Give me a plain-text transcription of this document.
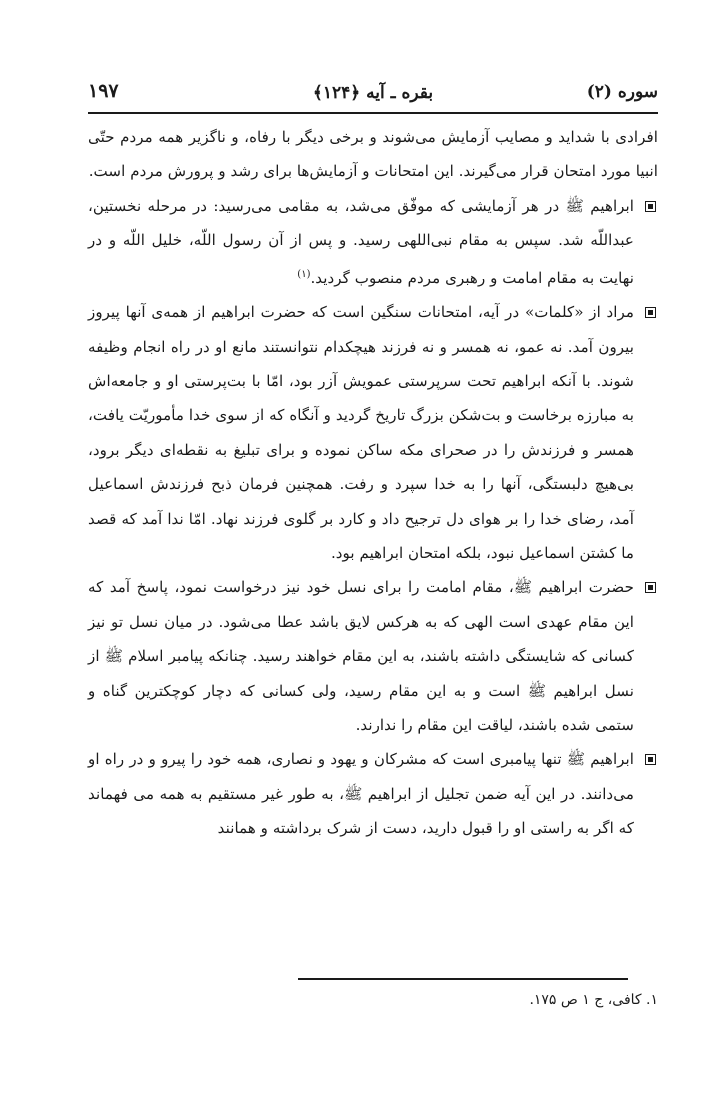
سوره (۲)
بقره ـ آیه ﴿۱۲۴﴾
۱۹۷

افرادی با شداید و مصایب آزمایش می‌شوند و برخی دیگر با رفاه، و ناگزیر همه مردم حتّی انبیا مورد امتحان قرار می‌گیرند. این امتحانات و آزمایش‌ها برای رشد و پرورش مردم است.

ابراهیم ﷺ در هر آزمایشی که موفّق می‌شد، به مقامی می‌رسید: در مرحله نخستین، عبداللّه شد. سپس به مقام نبی‌اللهی رسید. و پس از آن رسول اللّه، خلیل اللّه و در نهایت به مقام امامت و رهبری مردم منصوب گردید.$^{(۱)}$

مراد از «کلمات» در آیه، امتحانات سنگین است که حضرت ابراهیم از همه‌ی آنها پیروز بیرون آمد. نه عمو، نه همسر و نه فرزند هیچکدام نتوانستند مانع او در راه انجام وظیفه شوند. با آنکه ابراهیم تحت سرپرستی عمویش آزر بود، امّا با بت‌پرستی او و جامعه‌اش به مبارزه برخاست و بت‌شکن بزرگ تاریخ گردید و آنگاه که از سوی خدا مأموریّت یافت، همسر و فرزندش را در صحرای مکه ساکن نموده و برای تبلیغ به نقطه‌ای دیگر برود، بی‌هیچ دلبستگی، آنها را به خدا سپرد و رفت. همچنین فرمان ذبح فرزندش اسماعیل آمد، رضای خدا را بر هوای دل ترجیح داد و کارد بر گلوی فرزند نهاد. امّا ندا آمد که قصد ما کشتن اسماعیل نبود، بلکه امتحان ابراهیم بود.

حضرت ابراهیم ﷺ، مقام امامت را برای نسل خود نیز درخواست نمود، پاسخ آمد که این مقام عهدی است الهی که به هرکس لایق باشد عطا می‌شود. در میان نسل تو نیز کسانی که شایستگی داشته باشند، به این مقام خواهند رسید. چنانکه پیامبر اسلام ﷺ از نسل ابراهیم ﷺ است و به این مقام رسید، ولی کسانی که دچار کوچکترین گناه و ستمی شده باشند، لیاقت این مقام را ندارند.

ابراهیم ﷺ تنها پیامبری است که مشرکان و یهود و نصاری، همه خود را پیرو و در راه او می‌دانند. در این آیه ضمن تجلیل از ابراهیم ﷺ، به طور غیر مستقیم به همه می فهماند که اگر به راستی او را قبول دارید، دست از شرک برداشته و همانند

۱. کافی، ج ۱ ص ۱۷۵.
